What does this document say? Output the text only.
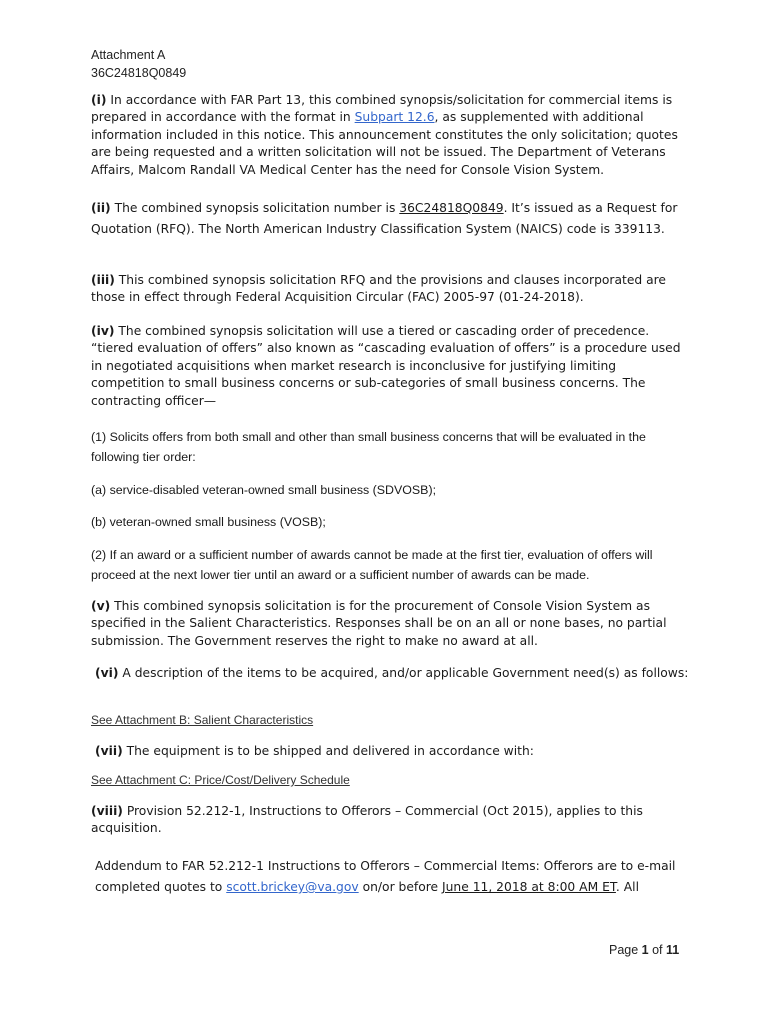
Attachment A
36C24818Q0849
(i) In accordance with FAR Part 13, this combined synopsis/solicitation for commercial items is prepared in accordance with the format in Subpart 12.6, as supplemented with additional information included in this notice. This announcement constitutes the only solicitation; quotes are being requested and a written solicitation will not be issued. The Department of Veterans Affairs, Malcom Randall VA Medical Center has the need for Console Vision System.
(ii) The combined synopsis solicitation number is 36C24818Q0849. It’s issued as a Request for Quotation (RFQ). The North American Industry Classification System (NAICS) code is 339113.
(iii) This combined synopsis solicitation RFQ and the provisions and clauses incorporated are those in effect through Federal Acquisition Circular (FAC) 2005-97 (01-24-2018).
(iv) The combined synopsis solicitation will use a tiered or cascading order of precedence. “tiered evaluation of offers” also known as “cascading evaluation of offers” is a procedure used in negotiated acquisitions when market research is inconclusive for justifying limiting competition to small business concerns or sub-categories of small business concerns. The contracting officer—
(1) Solicits offers from both small and other than small business concerns that will be evaluated in the following tier order:
(a) service-disabled veteran-owned small business (SDVOSB);
(b) veteran-owned small business (VOSB);
(2) If an award or a sufficient number of awards cannot be made at the first tier, evaluation of offers will proceed at the next lower tier until an award or a sufficient number of awards can be made.
(v) This combined synopsis solicitation is for the procurement of Console Vision System as specified in the Salient Characteristics. Responses shall be on an all or none bases, no partial submission. The Government reserves the right to make no award at all.
(vi) A description of the items to be acquired, and/or applicable Government need(s) as follows:
See Attachment B: Salient Characteristics
(vii) The equipment is to be shipped and delivered in accordance with:
See Attachment C: Price/Cost/Delivery Schedule
(viii) Provision 52.212-1, Instructions to Offerors – Commercial (Oct 2015), applies to this acquisition.
Addendum to FAR 52.212-1 Instructions to Offerors – Commercial Items: Offerors are to e-mail completed quotes to scott.brickey@va.gov on/or before June 11, 2018 at 8:00 AM ET. All
Page 1 of 11
